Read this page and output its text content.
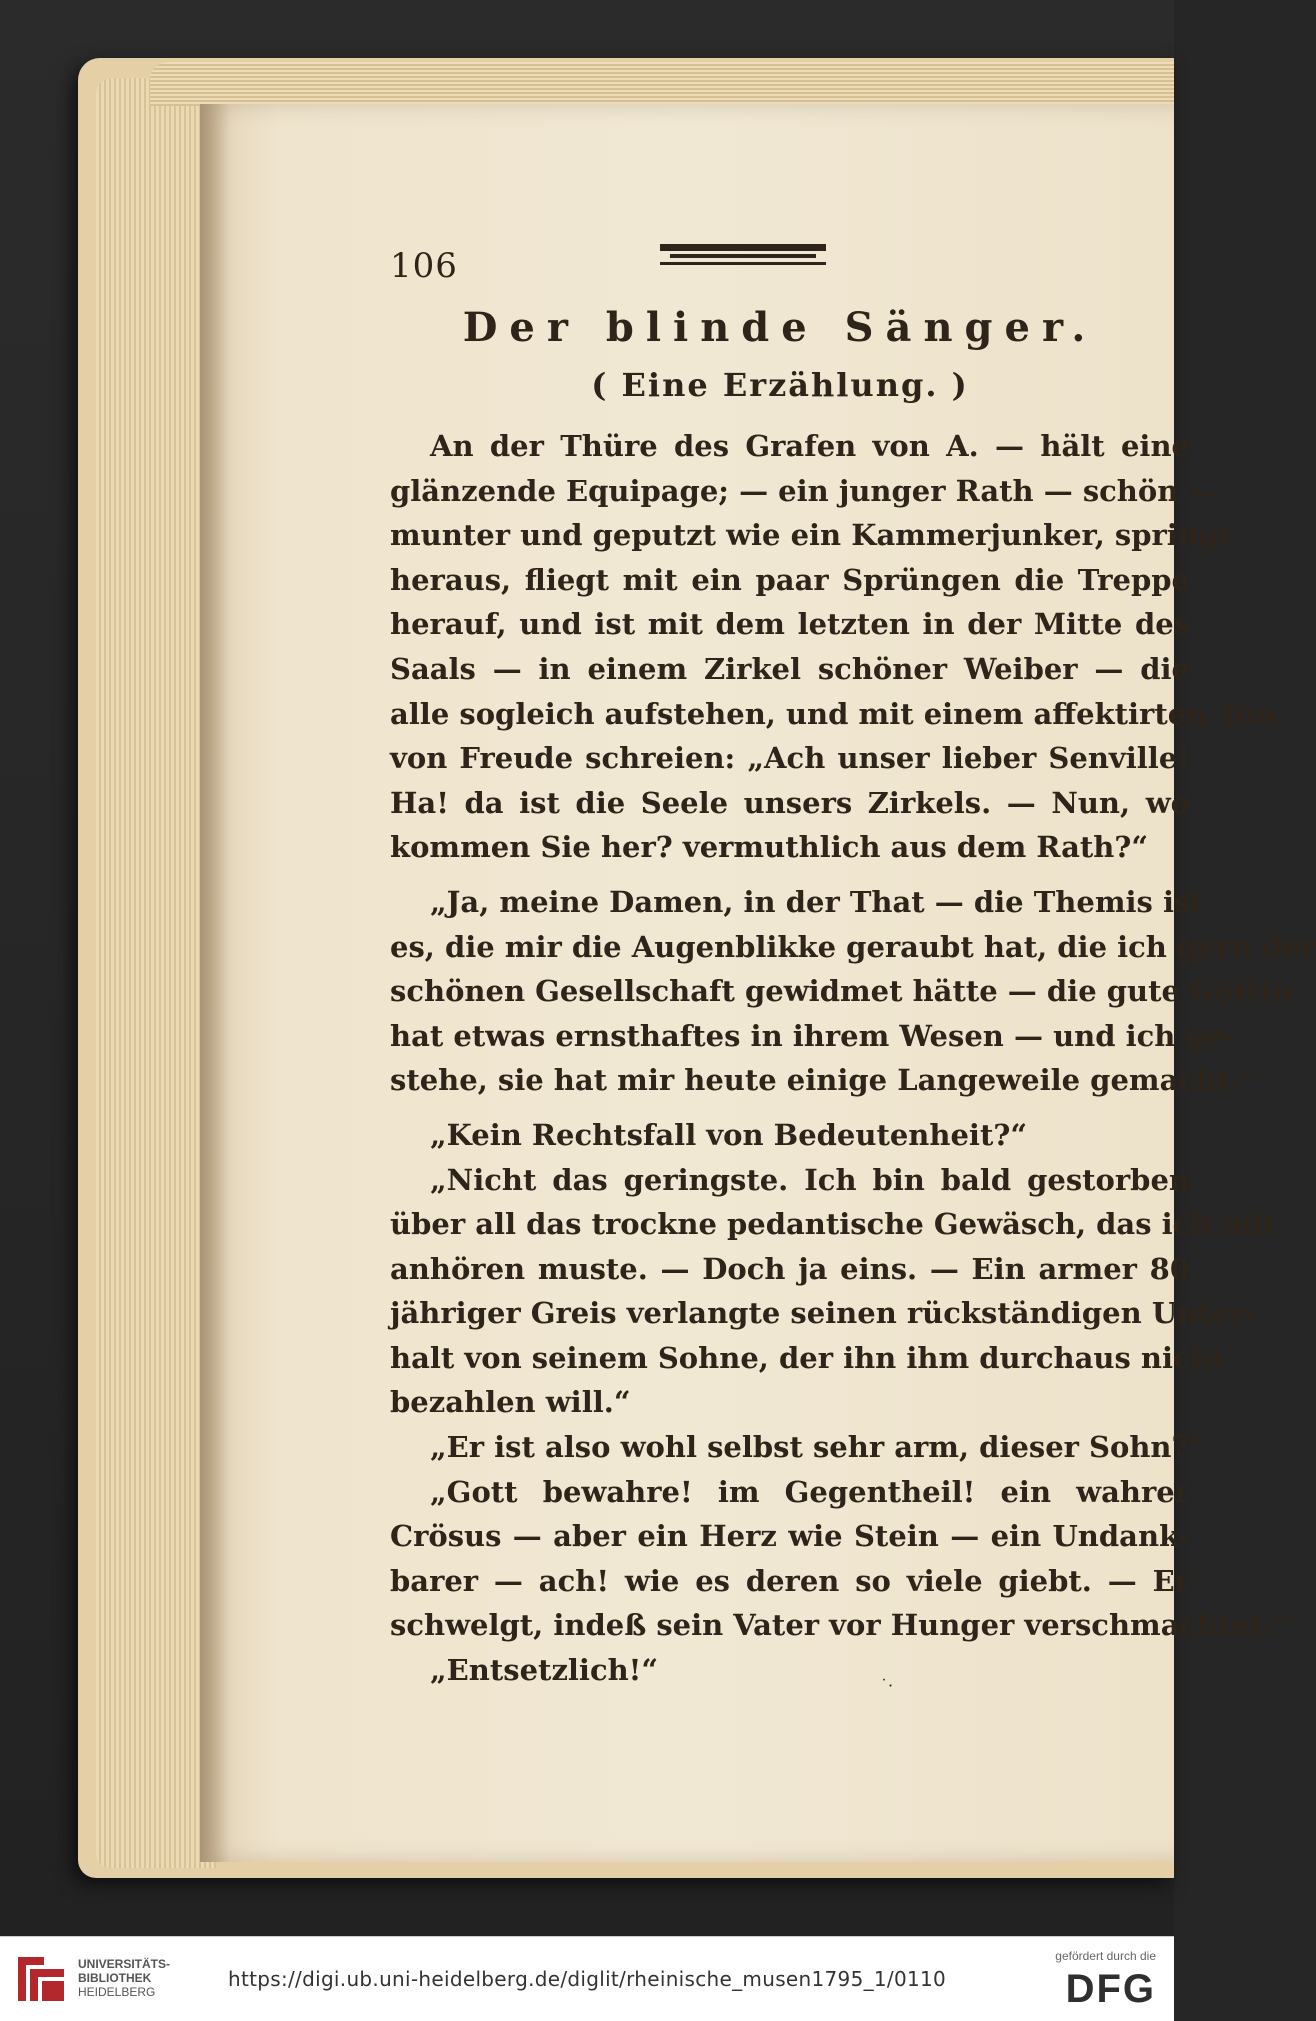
106
Der blinde Sänger.
( Eine Erzählung. )
An der Thüre des Grafen von A. — hält eine
glänzende Equipage; — ein junger Rath — schön —
munter und geputzt wie ein Kammerjunker, springt
heraus, fliegt mit ein paar Sprüngen die Treppe
herauf, und ist mit dem letzten in der Mitte des
Saals — in einem Zirkel schöner Weiber — die
alle sogleich aufstehen, und mit einem affektirten Ton
von Freude schreien: „Ach unser lieber Senville!
Ha! da ist die Seele unsers Zirkels. — Nun, wo
kommen Sie her? vermuthlich aus dem Rath?“
„Ja, meine Damen, in der That — die Themis ist
es, die mir die Augenblikke geraubt hat, die ich gern der
schönen Gesellschaft gewidmet hätte — die gute Göttin
hat etwas ernsthaftes in ihrem Wesen — und ich ge-
stehe, sie hat mir heute einige Langeweile gemacht.“
„Kein Rechtsfall von Bedeutenheit?“
„Nicht das geringste. Ich bin bald gestorben
über all das trockne pedantische Gewäsch, das ich mit
anhören muste. — Doch ja eins. — Ein armer 80
jähriger Greis verlangte seinen rückständigen Unter-
halt von seinem Sohne, der ihn ihm durchaus nicht
bezahlen will.“
„Er ist also wohl selbst sehr arm, dieser Sohn?“
„Gott bewahre! im Gegentheil! ein wahrer
Crösus — aber ein Herz wie Stein — ein Undank-
barer — ach! wie es deren so viele giebt. — Er
schwelgt, indeß sein Vater vor Hunger verschmachtet.“
„Entsetzlich!“	˙·
UNIVERSITÄTS-
BIBLIOTHEK
HEIDELBERG
https://digi.ub.uni-heidelberg.de/diglit/rheinische_musen1795_1/0110
gefördert durch die
DFG
